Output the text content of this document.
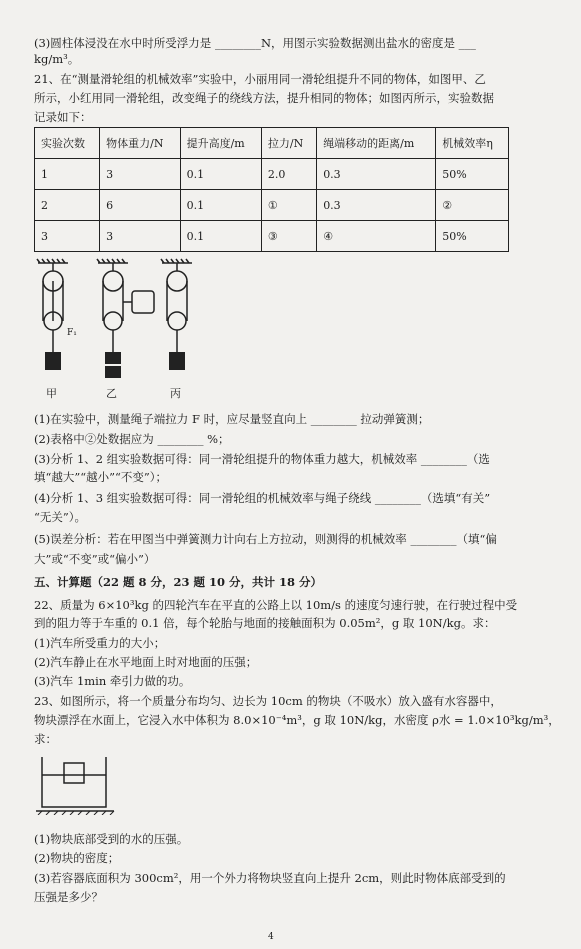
(3)圆柱体浸没在水中时所受浮力是 ________N，用图示实验数据测出盐水的密度是 ___
kg/m³。
21、在“测量滑轮组的机械效率”实验中，小丽用同一滑轮组提升不同的物体，如图甲、乙
所示，小红用同一滑轮组，改变绳子的绕线方法，提升相同的物体；如图丙所示，实验数据
记录如下：
实验次数	物体重力/N	提升高度/m	拉力/N	绳端移动的距离/m	机械效率η
1	3	0.1	2.0	0.3	50%
2	6	0.1	①	0.3	②
3	3	0.1	③	④	50%
F₁
甲	乙	丙
(1)在实验中，测量绳子端拉力 F 时，应尽量竖直向上 ________ 拉动弹簧测；
(2)表格中②处数据应为 ________ %；
(3)分析 1、2 组实验数据可得：同一滑轮组提升的物体重力越大，机械效率 ________（选
填“越大”“越小”“不变”）；
(4)分析 1、3 组实验数据可得：同一滑轮组的机械效率与绳子绕线 ________（选填“有关”
“无关”）。
(5)误差分析：若在甲图当中弹簧测力计向右上方拉动，则测得的机械效率 ________（填“偏
大”或“不变”或“偏小”）
五、计算题（22 题 8 分，23 题 10 分，共计 18 分）
22、质量为 6×10³kg 的四轮汽车在平直的公路上以 10m/s 的速度匀速行驶，在行驶过程中受
到的阻力等于车重的 0.1 倍，每个轮胎与地面的接触面积为 0.05m²，g 取 10N/kg。求：
(1)汽车所受重力的大小；
(2)汽车静止在水平地面上时对地面的压强；
(3)汽车 1min 牵引力做的功。
23、如图所示，将一个质量分布均匀、边长为 10cm 的物块（不吸水）放入盛有水容器中，
物块漂浮在水面上，它浸入水中体积为 8.0×10⁻⁴m³，g 取 10N/kg，水密度 ρ水 = 1.0×10³kg/m³，
求：
(1)物块底部受到的水的压强。
(2)物块的密度；
(3)若容器底面积为 300cm²，用一个外力将物块竖直向上提升 2cm，则此时物体底部受到的
压强是多少？
4
